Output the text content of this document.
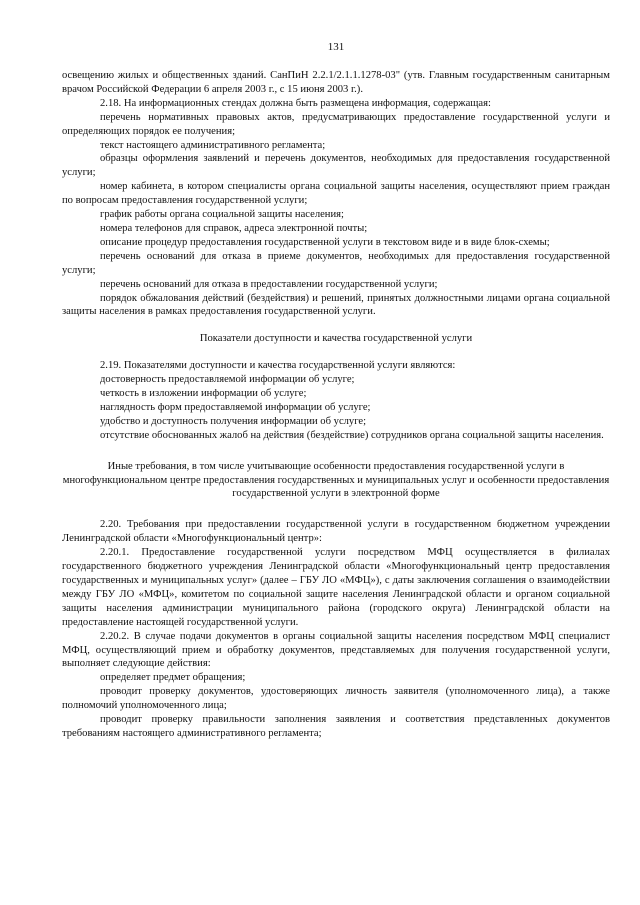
131
освещению жилых и общественных зданий. СанПиН 2.2.1/2.1.1.1278-03" (утв. Главным государственным санитарным врачом Российской Федерации 6 апреля 2003 г., с 15 июня 2003 г.).
2.18. На информационных стендах должна быть размещена информация, содержащая:
перечень нормативных правовых актов, предусматривающих предоставление государственной услуги и определяющих порядок ее получения;
текст настоящего административного регламента;
образцы оформления заявлений и перечень документов, необходимых для предоставления государственной услуги;
номер кабинета, в котором специалисты органа социальной защиты населения, осуществляют прием граждан по вопросам предоставления государственной услуги;
график работы органа социальной защиты населения;
номера телефонов для справок, адреса электронной почты;
описание процедур предоставления государственной услуги в текстовом виде и в виде блок-схемы;
перечень оснований для отказа в приеме документов, необходимых для предоставления государственной услуги;
перечень оснований для отказа в предоставлении государственной услуги;
порядок обжалования действий (бездействия) и решений, принятых должностными лицами органа социальной защиты населения в рамках предоставления государственной услуги.
Показатели доступности и качества государственной услуги
2.19. Показателями доступности и качества государственной услуги являются:
достоверность предоставляемой информации об услуге;
четкость в изложении информации об услуге;
наглядность форм предоставляемой информации об услуге;
удобство и доступность получения информации об услуге;
отсутствие обоснованных жалоб на действия (бездействие) сотрудников органа социальной защиты населения.
Иные требования, в том числе учитывающие особенности предоставления государственной услуги в многофункциональном центре предоставления государственных и муниципальных услуг и особенности предоставления государственной услуги в электронной форме
2.20. Требования при предоставлении государственной услуги в государственном бюджетном учреждении Ленинградской области «Многофункциональный центр»:
2.20.1. Предоставление государственной услуги посредством МФЦ осуществляется в филиалах государственного бюджетного учреждения Ленинградской области «Многофункциональный центр предоставления государственных и муниципальных услуг» (далее – ГБУ ЛО «МФЦ»), с даты заключения соглашения о взаимодействии между ГБУ ЛО «МФЦ», комитетом по социальной защите населения Ленинградской области и органом социальной защиты населения администрации муниципального района (городского округа) Ленинградской области на предоставление настоящей государственной услуги.
2.20.2. В случае подачи документов в органы социальной защиты населения посредством МФЦ специалист МФЦ, осуществляющий прием и обработку документов, представляемых для получения государственной услуги, выполняет следующие действия:
определяет предмет обращения;
проводит проверку документов, удостоверяющих личность заявителя (уполномоченного лица), а также полномочий уполномоченного лица;
проводит проверку правильности заполнения заявления и соответствия представленных документов требованиям настоящего административного регламента;
